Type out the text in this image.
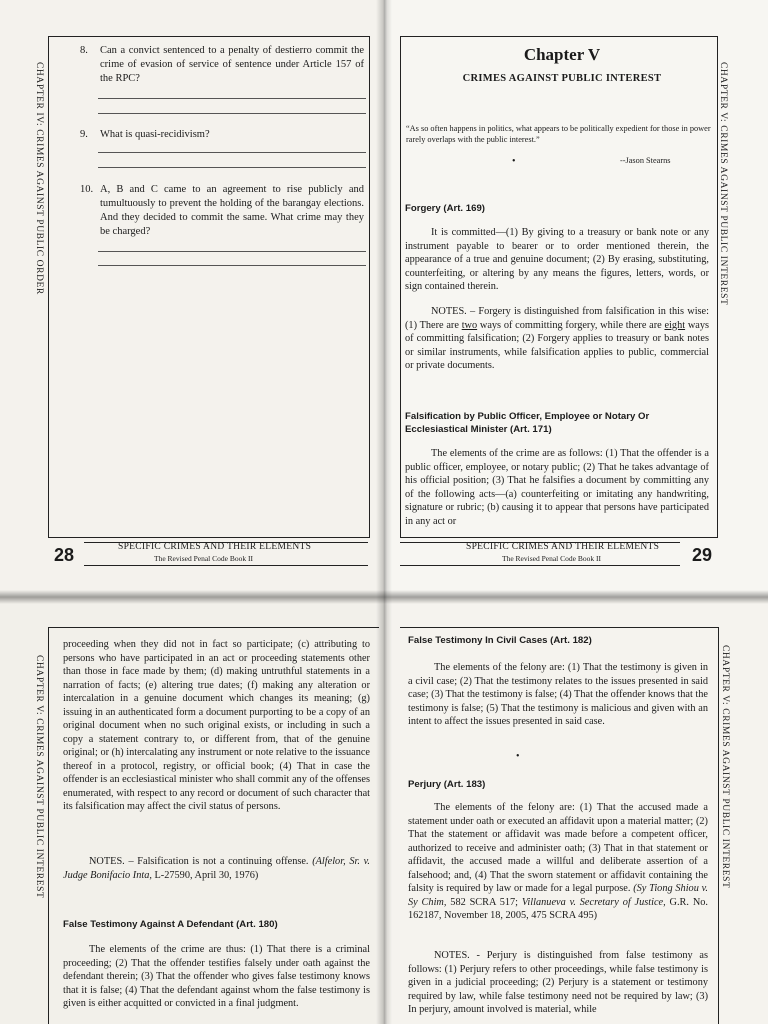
CHAPTER IV: CRIMES AGAINST PUBLIC ORDER
8. Can a convict sentenced to a penalty of destierro commit the crime of evasion of service of sentence under Article 157 of the RPC?
9. What is quasi-recidivism?
10. A, B and C came to an agreement to rise publicly and tumultuously to prevent the holding of the barangay elections. And they decided to commit the same. What crime may they be charged?
SPECIFIC CRIMES AND THEIR ELEMENTS
The Revised Penal Code Book II
28
CHAPTER V: CRIMES AGAINST PUBLIC INTEREST
Chapter V
CRIMES AGAINST PUBLIC INTEREST
“As so often happens in politics, what appears to be politically expedient for those in power rarely overlaps with the public interest.”
•	--Jason Stearns
Forgery (Art. 169)
It is committed—(1) By giving to a treasury or bank note or any instrument payable to bearer or to order mentioned therein, the appearance of a true and genuine document; (2) By erasing, substituting, counterfeiting, or altering by any means the figures, letters, words, or sign contained therein.
NOTES. – Forgery is distinguished from falsification in this wise: (1) There are two ways of committing forgery, while there are eight ways of committing falsification; (2) Forgery applies to treasury or bank notes or similar instruments, while falsification applies to public, commercial or private documents.
Falsification by Public Officer, Employee or Notary Or Ecclesiastical Minister (Art. 171)
The elements of the crime are as follows: (1) That the offender is a public officer, employee, or notary public; (2) That he takes advantage of his official position; (3) That he falsifies a document by committing any of the following acts—(a) counterfeiting or imitating any handwriting, signature or rubric; (b) causing it to appear that persons have participated in any act or
SPECIFIC CRIMES AND THEIR ELEMENTS
The Revised Penal Code Book II	29
CHAPTER V: CRIMES AGAINST PUBLIC INTEREST
proceeding when they did not in fact so participate; (c) attributing to persons who have participated in an act or proceeding statements other than those in face made by them; (d) making untruthful statements in a narration of facts; (e) altering true dates; (f) making any alteration or intercalation in a genuine document which changes its meaning; (g) issuing in an authenticated form a document purporting to be a copy of an original document when no such original exists, or including in such a copy a statement contrary to, or different from, that of the genuine original; or (h) intercalating any instrument or note relative to the issuance thereof in a protocol, registry, or official book; (4) That in case the offender is an ecclesiastical minister who shall commit any of the offenses enumerated, with respect to any record or document of such character that its falsification may affect the civil status of persons.
NOTES. – Falsification is not a continuing offense. (Alfelor, Sr. v. Judge Bonifacio Inta, L-27590, April 30, 1976)
False Testimony Against A Defendant (Art. 180)
The elements of the crime are thus: (1) That there is a criminal proceeding; (2) That the offender testifies falsely under oath against the defendant therein; (3) That the offender who gives false testimony knows that it is false; (4) That the defendant against whom the false testimony is given is either acquitted or convicted in a final judgment.
CHAPTER V: CRIMES AGAINST PUBLIC INTEREST
False Testimony In Civil Cases (Art. 182)
The elements of the felony are: (1) That the testimony is given in a civil case; (2) That the testimony relates to the issues presented in said case; (3) That the testimony is false; (4) That the offender knows that the testimony is false; (5) That the testimony is malicious and given with an intent to affect the issues presented in said case.
•
Perjury (Art. 183)
The elements of the felony are: (1) That the accused made a statement under oath or executed an affidavit upon a material matter; (2) That the statement or affidavit was made before a competent officer, authorized to receive and administer oath; (3) That in that statement or affidavit, the accused made a willful and deliberate assertion of a falsehood; and, (4) That the sworn statement or affidavit containing the falsity is required by law or made for a legal purpose. (Sy Tiong Shiou v. Sy Chim, 582 SCRA 517; Villanueva v. Secretary of Justice, G.R. No. 162187, November 18, 2005, 475 SCRA 495)
NOTES. - Perjury is distinguished from false testimony as follows: (1) Perjury refers to other proceedings, while false testimony is given in a judicial proceeding; (2) Perjury is a statement or testimony required by law, while false testimony need not be required by law; (3) In perjury, amount involved is material, while
